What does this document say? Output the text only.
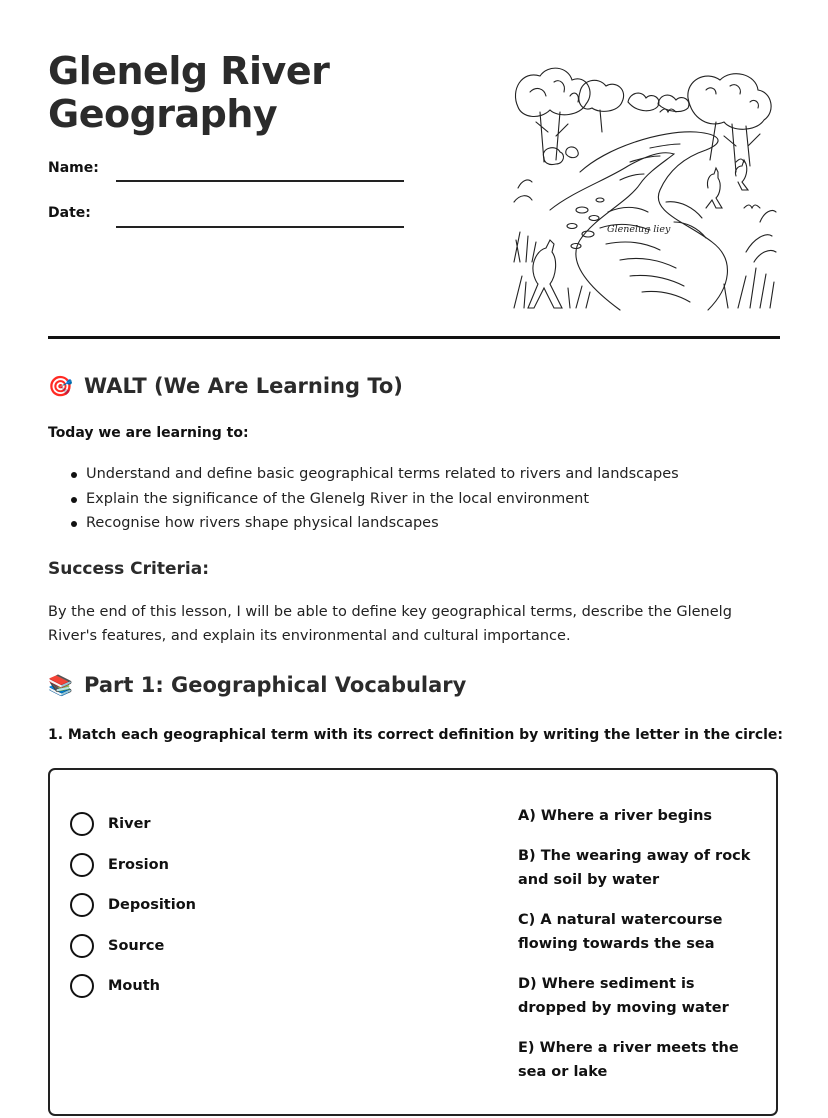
Glenelg River
Geography
Name:
Date:
Glenelug liey
🎯 WALT (We Are Learning To)
Today we are learning to:
Understand and define basic geographical terms related to rivers and landscapes
Explain the significance of the Glenelg River in the local environment
Recognise how rivers shape physical landscapes
Success Criteria:

By the end of this lesson, I will be able to define key geographical terms, describe the Glenelg River's features, and explain its environmental and cultural importance.

📚 Part 1: Geographical Vocabulary
1. Match each geographical term with its correct definition by writing the letter in the circle:
River
Erosion
Deposition
Source
Mouth
A) Where a river begins
B) The wearing away of rock and soil by water
C) A natural watercourse flowing towards the sea
D) Where sediment is dropped by moving water
E) Where a river meets the sea or lake
